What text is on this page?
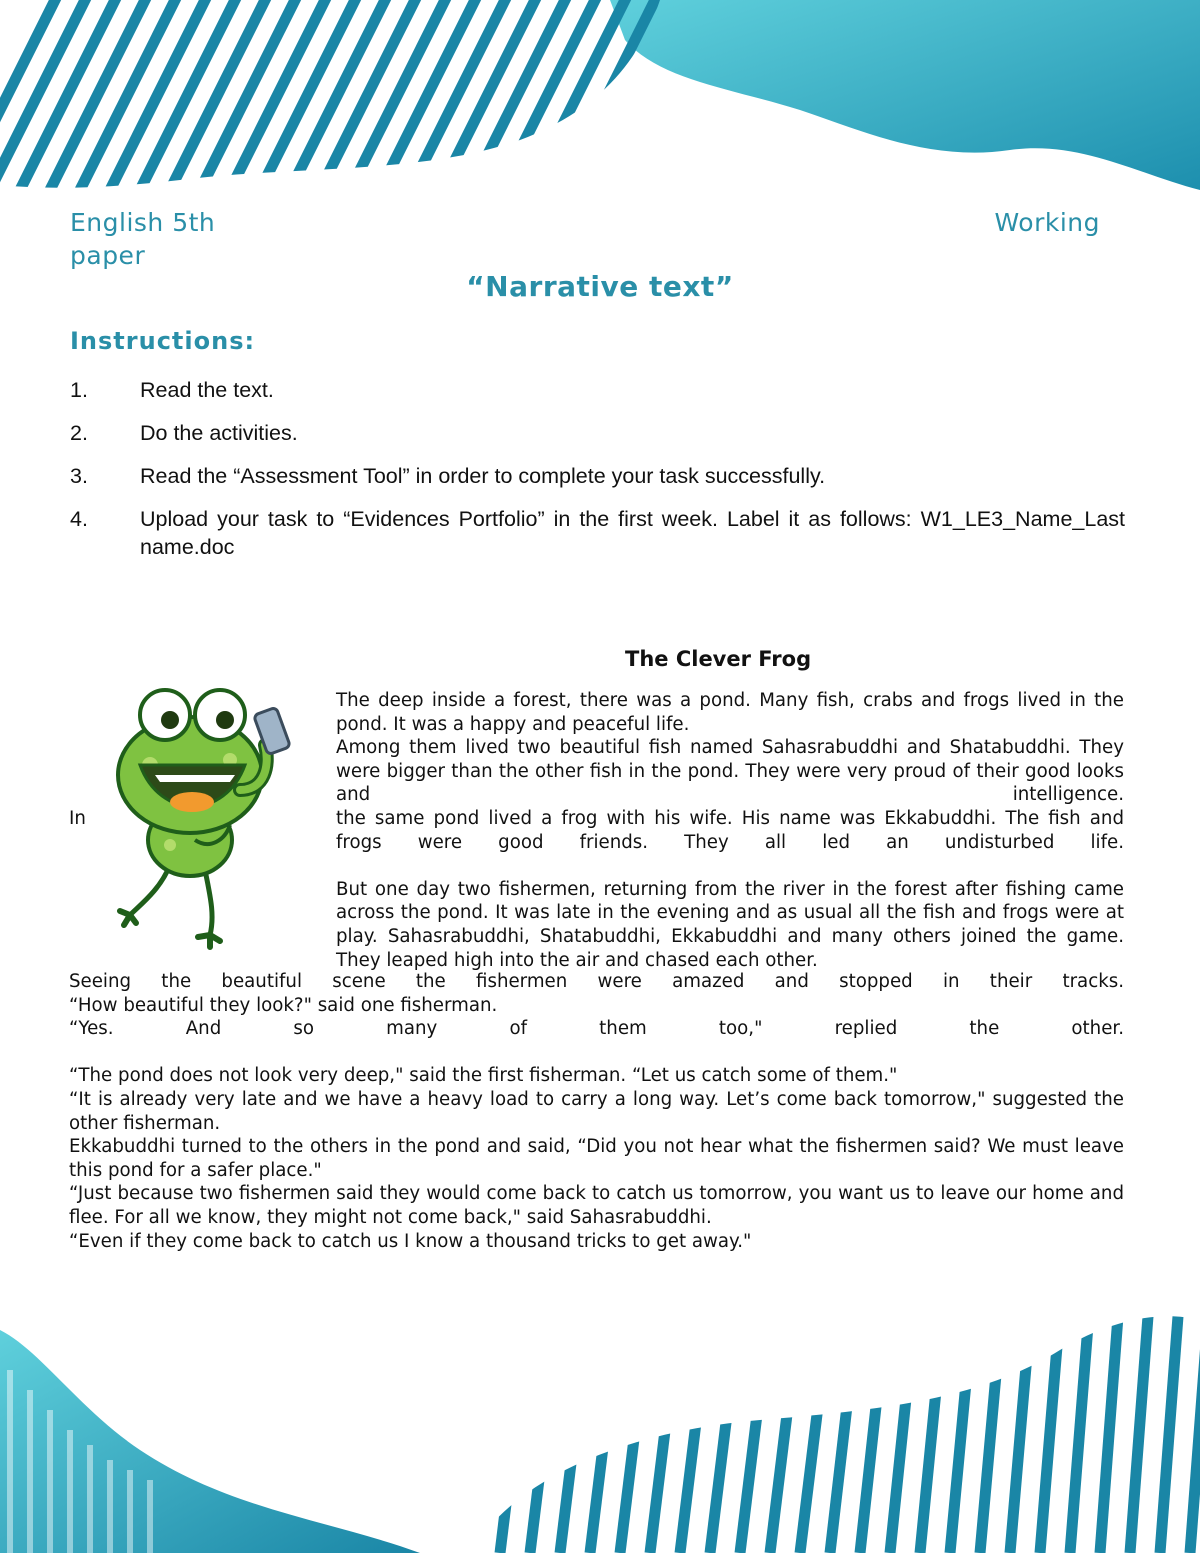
English 5th
paper
Working
“Narrative text”
Instructions:
1.	Read the text.
2.	Do the activities.
3.	Read the “Assessment Tool” in order to complete your task successfully.
4.	Upload your task to “Evidences Portfolio” in the first week. Label it as follows: W1_LE3_Name_Last name.doc
The Clever Frog
In

The deep inside a forest, there was a pond. Many fish, crabs and frogs lived in the pond. It was a happy and peaceful life.

Among them lived two beautiful fish named Sahasrabuddhi and Shatabuddhi. They were bigger than the other fish in the pond. They were very proud of their good looks and intelligence.

the same pond lived a frog with his wife. His name was Ekkabuddhi. The fish and frogs were good friends. They all led an undisturbed life.

But one day two fishermen, returning from the river in the forest after fishing came across the pond. It was late in the evening and as usual all the fish and frogs were at play. Sahasrabuddhi, Shatabuddhi, Ekkabuddhi and many others joined the game. They leaped high into the air and chased each other.

Seeing the beautiful scene the fishermen were amazed and stopped in their tracks.

“How beautiful they look?" said one fisherman.

“Yes. And so many of them too," replied the other.

“The pond does not look very deep," said the first fisherman. “Let us catch some of them."

“It is already very late and we have a heavy load to carry a long way. Let’s come back tomorrow," suggested the other fisherman.

Ekkabuddhi turned to the others in the pond and said, “Did you not hear what the fishermen said? We must leave this pond for a safer place."

“Just because two fishermen said they would come back to catch us tomorrow, you want us to leave our home and flee. For all we know, they might not come back," said Sahasrabuddhi.

“Even if they come back to catch us I know a thousand tricks to get away."
